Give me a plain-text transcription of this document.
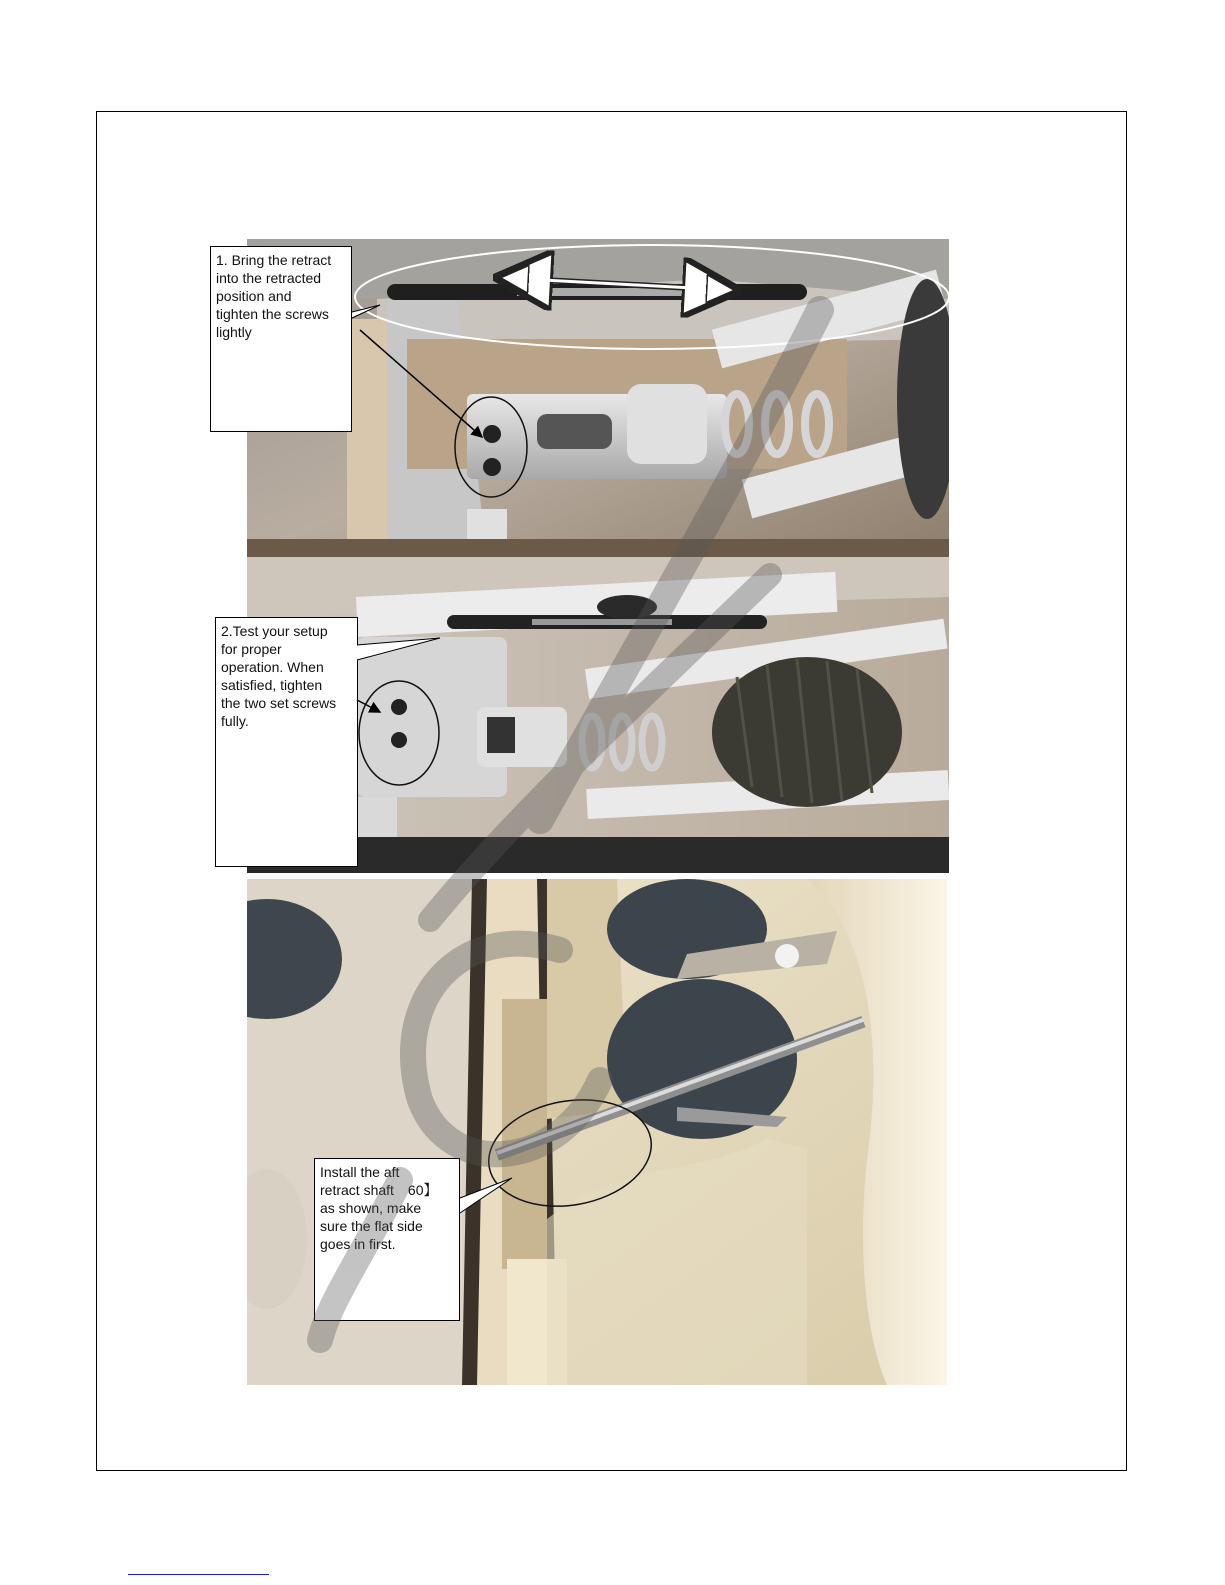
1. Bring the retract
into the retracted
position and
tighten the screws
lightly
2.Test your setup
for proper
operation. When
satisfied, tighten
the two set screws
fully.
Install the aft
retract shaft　60】
as shown, make
sure the flat side
goes in first.
